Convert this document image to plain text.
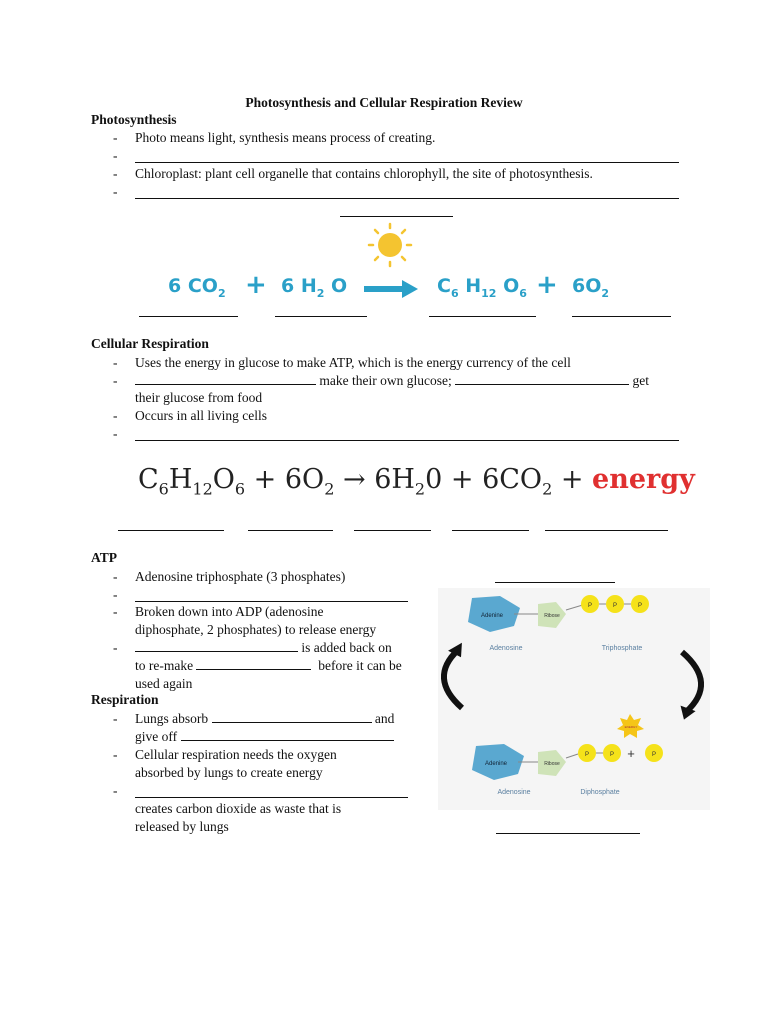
Photosynthesis and Cellular Respiration Review
Photosynthesis
- Photo means light, synthesis means process of creating.
-
- Chloroplast: plant cell organelle that contains chlorophyll, the site of photosynthesis.
-
6 $CO_2 + 6$ $H_2$ O	$C_6$ $H_{12}$ $O_6 + 6O_2$
Cellular Respiration
- Uses the energy in glucose to make ATP, which is the energy currency of the cell
-	make their own glucose;	get
their glucose from food
- Occurs in all living cells
-
$C_6H_{12}O_6 + 6O_2 \to 6H_20 + 6CO_2$ + energy
ATP
- Adenosine triphosphate (3 phosphates)
-
- Broken down into ADP (adenosine
diphosphate, 2 phosphates) to release energy
-	is added back on
to re-make	before it can be
used again
Respiration
- Lungs absorb	and
give off
- Cellular respiration needs the oxygen
absorbed by lungs to create energy
-
creates carbon dioxide as waste that is
released by lungs
Adenine	Ribose
P	P	P
Adenosine	Triphosphate
ENERGY
Adenine	Ribose
P	P +	P
Adenosine	Diphosphate
